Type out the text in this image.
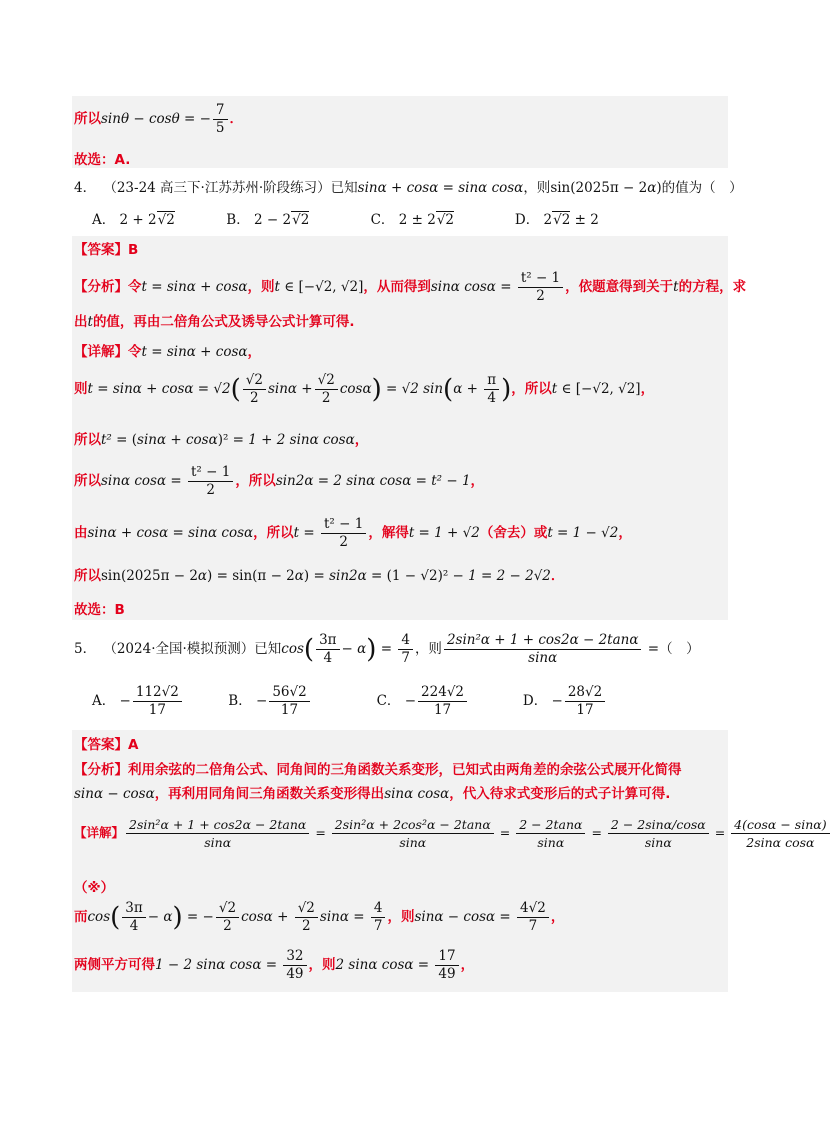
所以sinθ − cosθ = − $\frac{7}{5}$ ．
故选：A.
4． （23-24 高三下·江苏苏州·阶段练习）已知sinα + cosα = sinα cosα，则sin(2025π − 2α)的值为（　）
A． 2 + 2√2	B． 2 − 2√2	C． 2 ± 2√2	D． 2√2 ± 2
【答案】B
【分析】令t = sinα + cosα，则t ∈ [−√2, √2]，从而得到sinα $\cos\alpha = \frac{\text{t² − 1}}{2}$ ，依题意得到关于t的方程，求
出t的值，再由二倍角公式及诱导公式计算可得.
【详解】令t = sinα + cosα，
则$t = \sin\alpha + \cos\alpha = √2( \frac{√2}{2}$ $\sin\alpha + \frac{√2}{2} \cos\alpha) = √2$ $\sin(\alpha + \frac{\pi}{4}$ )，所以t ∈ [−√2, √2]，
所以t² = (sinα + cosα)² = 1 + 2 sinα cosα，
所以sinα $\cos\alpha = \frac{\text{t² − 1}}{2}$ ，所以sin2α = 2 sinα cosα = t² − 1，
由sinα + cosα = sinα cosα，所以$t = \frac{\text{t² − 1}}{2}$ ，解得t = 1 + √2（舍去）或t = 1 − √2，
所以sin(2025π − 2α) = sin(π − 2α) = sin2α = (1 − √2)² − 1 = 2 − 2√2．
故选：B
5． （2024·全国·模拟预测）已知$\cos( \frac{3\pi}{4} - \alpha) = \frac{4}{7}$ ，则 $\frac{\text{2sin²α + 1 + cos2α − 2tanα}}{\sin\alpha}$ =（　）
A． − $\frac{112√2}{17}$	B． − $\frac{56√2}{17}$	C． − $\frac{224√2}{17}$	D． − $\frac{28√2}{17}$
【答案】A
【分析】利用余弦的二倍角公式、同角间的三角函数关系变形，已知式由两角差的余弦公式展开化简得
sinα − cosα，再利用同角间三角函数关系变形得出sinα cosα，代入待求式变形后的式子计算可得.
【详解】 $\frac{\text{2sin²α + 1 + cos2α − 2tanα}}{\sin\alpha} = \frac{\text{2sin²α + 2cos²α − 2tanα}}{\sin\alpha} = \frac{2 - 2\tan\alpha}{\sin\alpha} = \frac{2 - 2\sin\alpha/\cos\alpha}{\sin\alpha} = \frac{4(\cos\alpha - \sin\alpha)}{\text{2sinα cosα}}$
（※）
而$\cos( \frac{3\pi}{4} - \alpha)$ = − $\frac{√2}{2}$ $\cos\alpha + \frac{√2}{2}$ $\sin\alpha = \frac{4}{7}$ ，则$\sin\alpha - \cos\alpha = \frac{4√2}{7}$ ，
两侧平方可得1 − 2 sinα $\cos\alpha = \frac{32}{49}$ ，则2 sinα $\cos\alpha = \frac{17}{49}$ ，
